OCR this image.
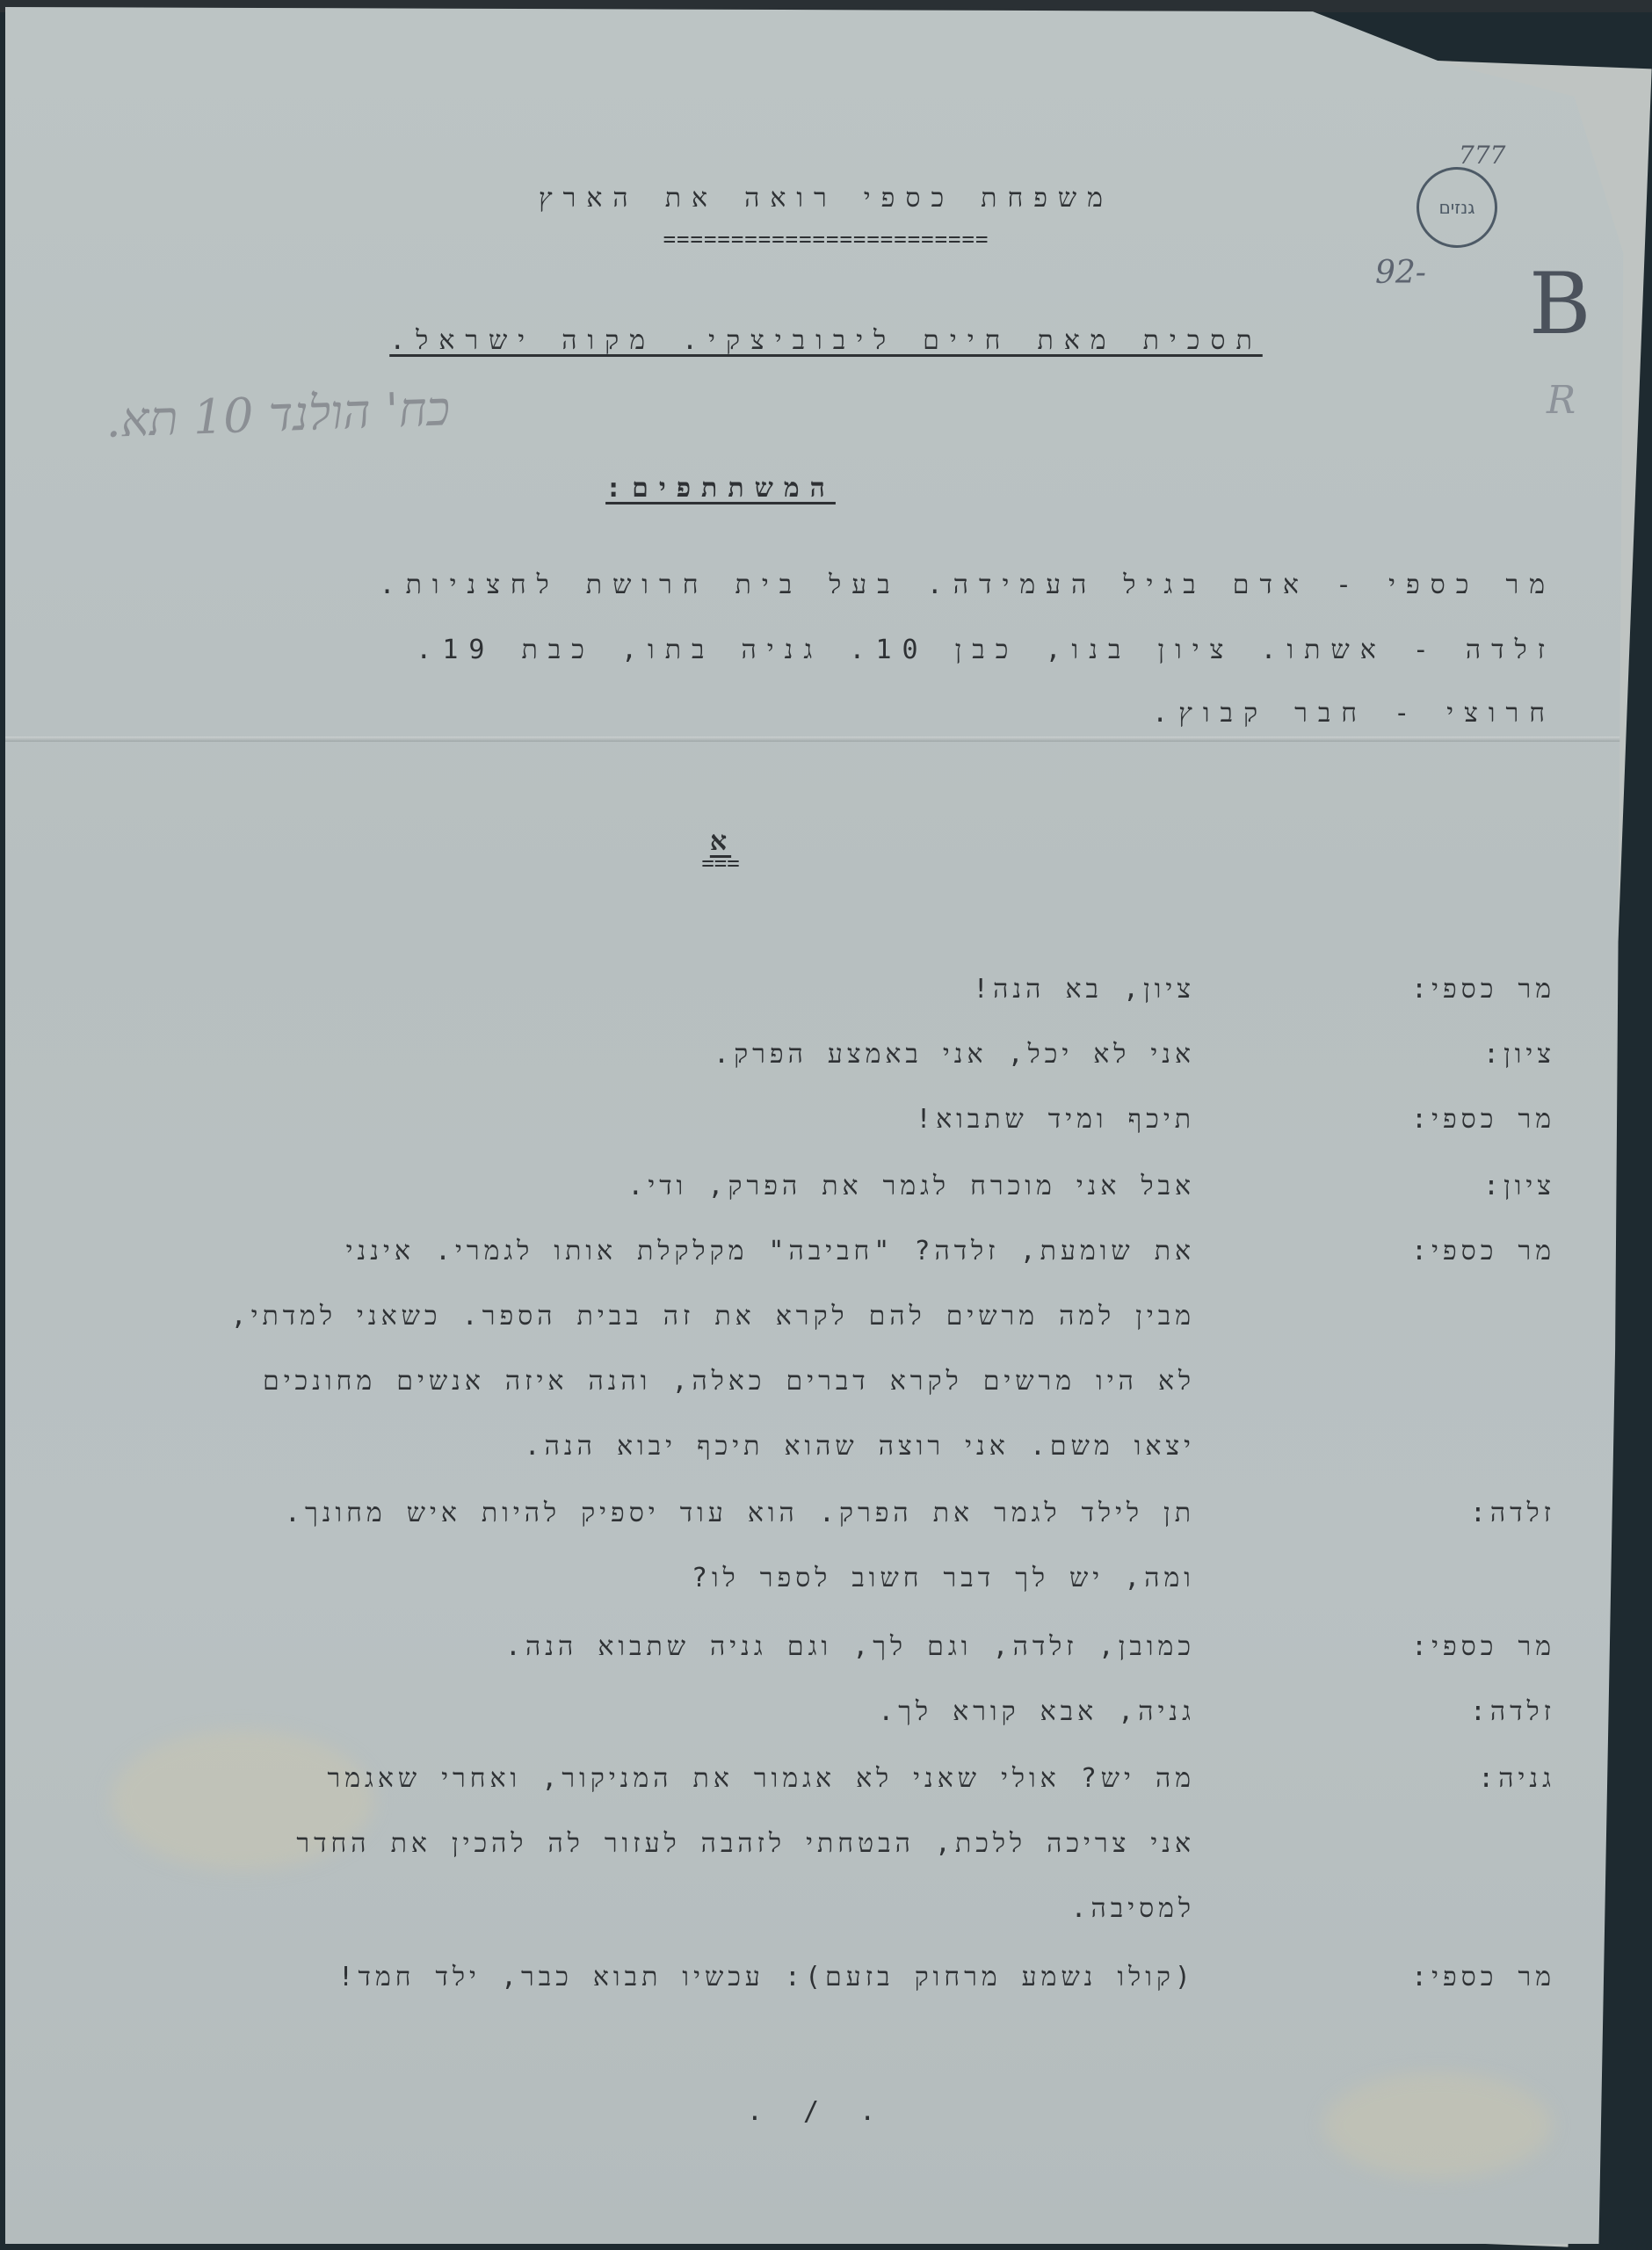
משפחת כספי רואה את הארץ
========================
תסכית מאת חיים ליבוביצקי. מקוה ישראל.
כח' הולנד 10 תא.
גנזים
777
92- B
R
המשתתפים:
מר כספי - אדם בגיל העמידה. בעל בית חרושת לחצניות.
זלדה - אשתו. ציון בנו, כבן 10. גניה בתו, כבת 19.
חרוצי - חבר קבוץ.
א
===
מר כספי:
ציון, בא הנה!
ציון:
אני לא יכל, אני באמצע הפרק.
מר כספי:
תיכף ומיד שתבוא!
ציון:
אבל אני מוכרח לגמר את הפרק, ודי.
מר כספי:
את שומעת, זלדה? "חביבה" מקלקלת אותו לגמרי. אינני
מבין למה מרשים להם לקרא את זה בבית הספר. כשאני למדתי,
לא היו מרשים לקרא דברים כאלה, והנה איזה אנשים מחונכים
יצאו משם. אני רוצה שהוא תיכף יבוא הנה.
זלדה:
תן לילד לגמר את הפרק. הוא עוד יספיק להיות איש מחונך.
ומה, יש לך דבר חשוב לספר לו?
מר כספי:
כמובן, זלדה, וגם לך, וגם גניה שתבוא הנה.
זלדה:
גניה, אבא קורא לך.
גניה:
מה יש? אולי שאני לא אגמור את המניקור, ואחרי שאגמר
אני צריכה ללכת, הבטחתי לזהבה לעזור לה להכין את החדר
למסיבה.
מר כספי:
(קולו נשמע מרחוק בזעם): עכשיו תבוא כבר, ילד חמד!
. / .
